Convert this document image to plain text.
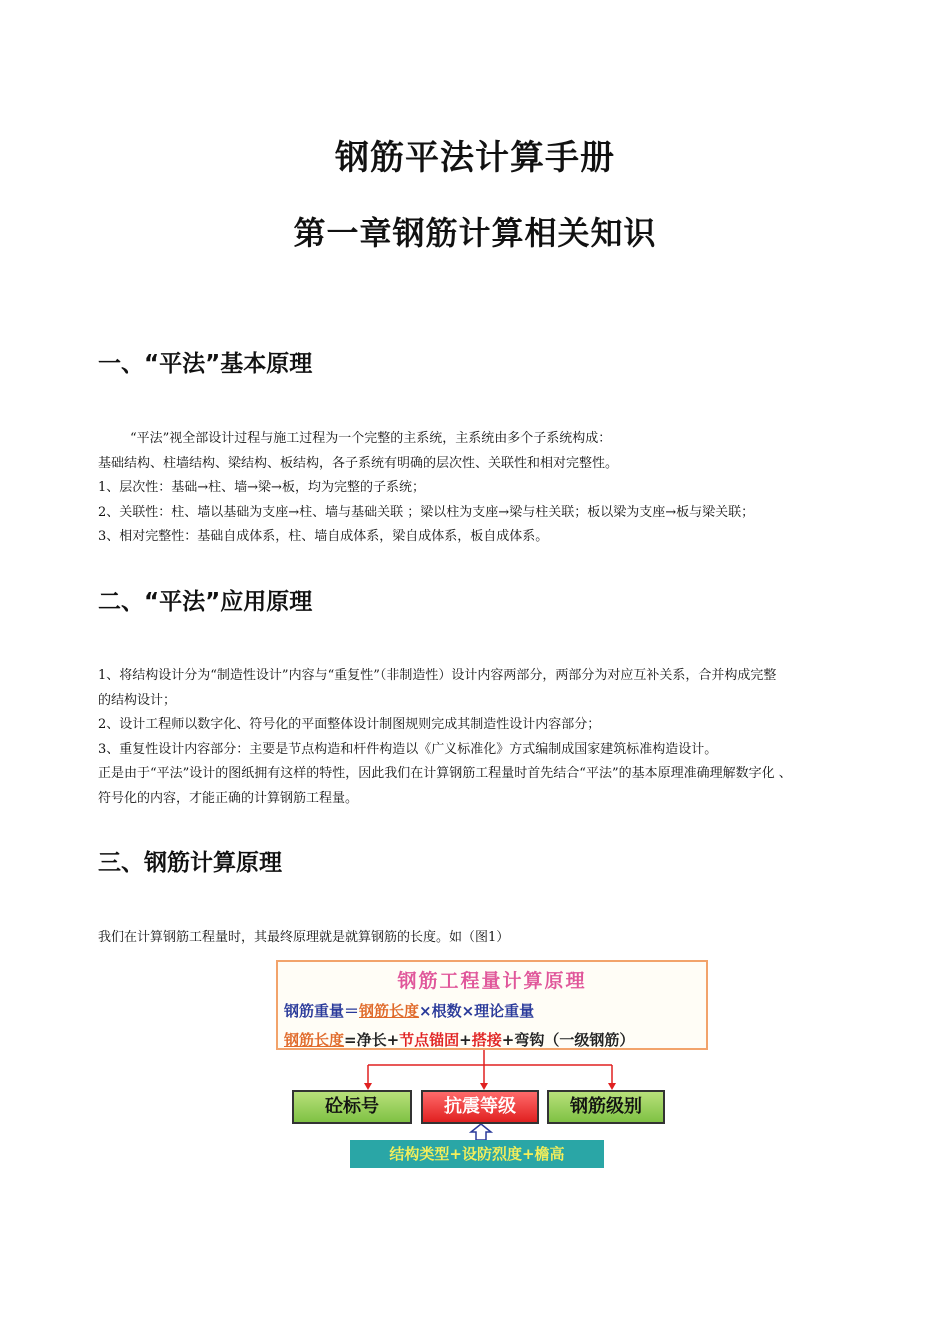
钢筋平法计算手册
第一章钢筋计算相关知识
一、“平法”基本原理

“平法”视全部设计过程与施工过程为一个完整的主系统，主系统由多个子系统构成：

基础结构、柱墙结构、梁结构、板结构，各子系统有明确的层次性、关联性和相对完整性。

1、层次性：基础→柱、墙→梁→板，均为完整的子系统；

2、关联性：柱、墙以基础为支座→柱、墙与基础关联 ；梁以柱为支座→梁与柱关联；板以梁为支座→板与梁关联；

3、相对完整性：基础自成体系，柱、墙自成体系，梁自成体系，板自成体系。

二、“平法”应用原理

1、将结构设计分为“制造性设计”内容与“重复性”（非制造性）设计内容两部分，两部分为对应互补关系，合并构成完整

的结构设计；

2、设计工程师以数字化、符号化的平面整体设计制图规则完成其制造性设计内容部分；

3、重复性设计内容部分：主要是节点构造和杆件构造以《广义标准化》方式编制成国家建筑标准构造设计。

正是由于“平法”设计的图纸拥有这样的特性，因此我们在计算钢筋工程量时首先结合“平法”的基本原理准确理解数字化 、

符号化的内容，才能正确的计算钢筋工程量。

三、钢筋计算原理

我们在计算钢筋工程量时，其最终原理就是就算钢筋的长度。如（图1）

钢筋工程量计算原理
钢筋重量＝钢筋长度×根数×理论重量
钢筋长度=净长+节点锚固+搭接+弯钩（一级钢筋）
砼标号	抗震等级	钢筋级别
结构类型+设防烈度+檐高
